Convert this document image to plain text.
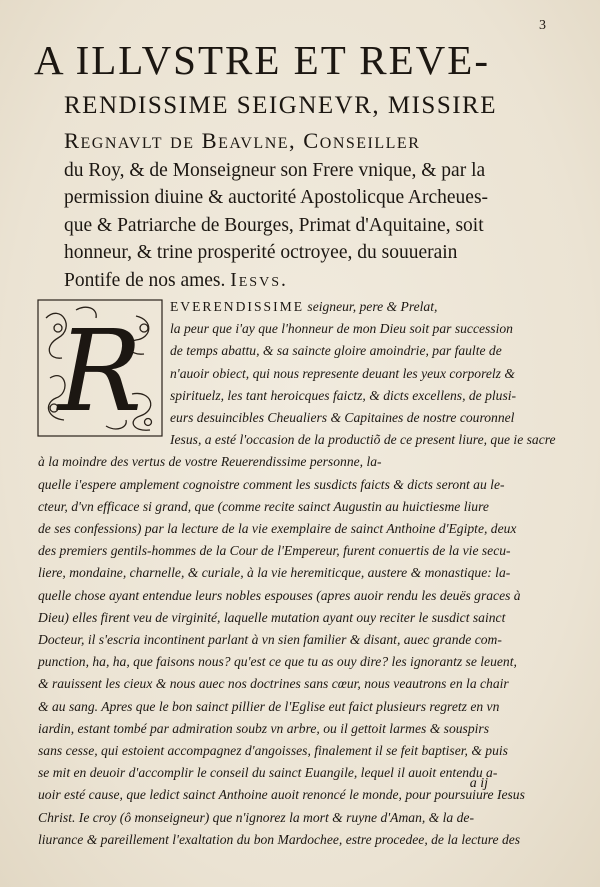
3
A ILLVSTRE ET REVE-
RENDISSIME SEIGNEVR, MISSIRE
Regnavlt de Beavlne, Conseiller
du Roy, & de Monseigneur son Frere vnique, & par la
permission diuine & auctorité Apostolicque Archeues-
que & Patriarche de Bourges, Primat d'Aquitaine, soit
honneur, & trine prosperité octroyee, du souuerain
Pontife de nos ames. Iesvs.
R
EVERENDISSIME seigneur, pere & Prelat,
la peur que i'ay que l'honneur de mon Dieu soit par succession
de temps abattu, & sa saincte gloire amoindrie, par faulte de
n'auoir obiect, qui nous represente deuant les yeux corporelz &
spirituelz, les tant heroicques faictz, & dicts excellens, de plusi-
eurs desuincibles Cheualiers & Capitaines de nostre couronnel
Iesus, a esté l'occasion de la productiõ de ce present liure, que ie sacre
à la moindre des vertus de vostre Reuerendissime personne, la-
quelle i'espere amplement cognoistre comment les susdicts faicts & dicts seront au le-
cteur, d'vn efficace si grand, que (comme recite sainct Augustin au huictiesme liure
de ses confessions) par la lecture de la vie exemplaire de sainct Anthoine d'Egipte, deux
des premiers gentils-hommes de la Cour de l'Empereur, furent conuertis de la vie secu-
liere, mondaine, charnelle, & curiale, à la vie heremiticque, austere & monastique: la-
quelle chose ayant entendue leurs nobles espouses (apres auoir rendu les deuës graces à
Dieu) elles firent veu de virginité, laquelle mutation ayant ouy reciter le susdict sainct
Docteur, il s'escria incontinent parlant à vn sien familier & disant, auec grande com-
punction, ha, ha, que faisons nous? qu'est ce que tu as ouy dire? les ignorantz se leuent,
& rauissent les cieux & nous auec nos doctrines sans cœur, nous veautrons en la chair
& au sang. Apres que le bon sainct pillier de l'Eglise eut faict plusieurs regretz en vn
iardin, estant tombé par admiration soubz vn arbre, ou il gettoit larmes & souspirs
sans cesse, qui estoient accompagnez d'angoisses, finalement il se feit baptiser, & puis
se mit en deuoir d'accomplir le conseil du sainct Euangile, lequel il auoit entendu a-
uoir esté cause, que ledict sainct Anthoine auoit renoncé le monde, pour poursuiure Iesus
Christ. Ie croy (ô monseigneur) que n'ignorez la mort & ruyne d'Aman, & la de-
liurance & pareillement l'exaltation du bon Mardochee, estre procedee, de la lecture des
a ij
